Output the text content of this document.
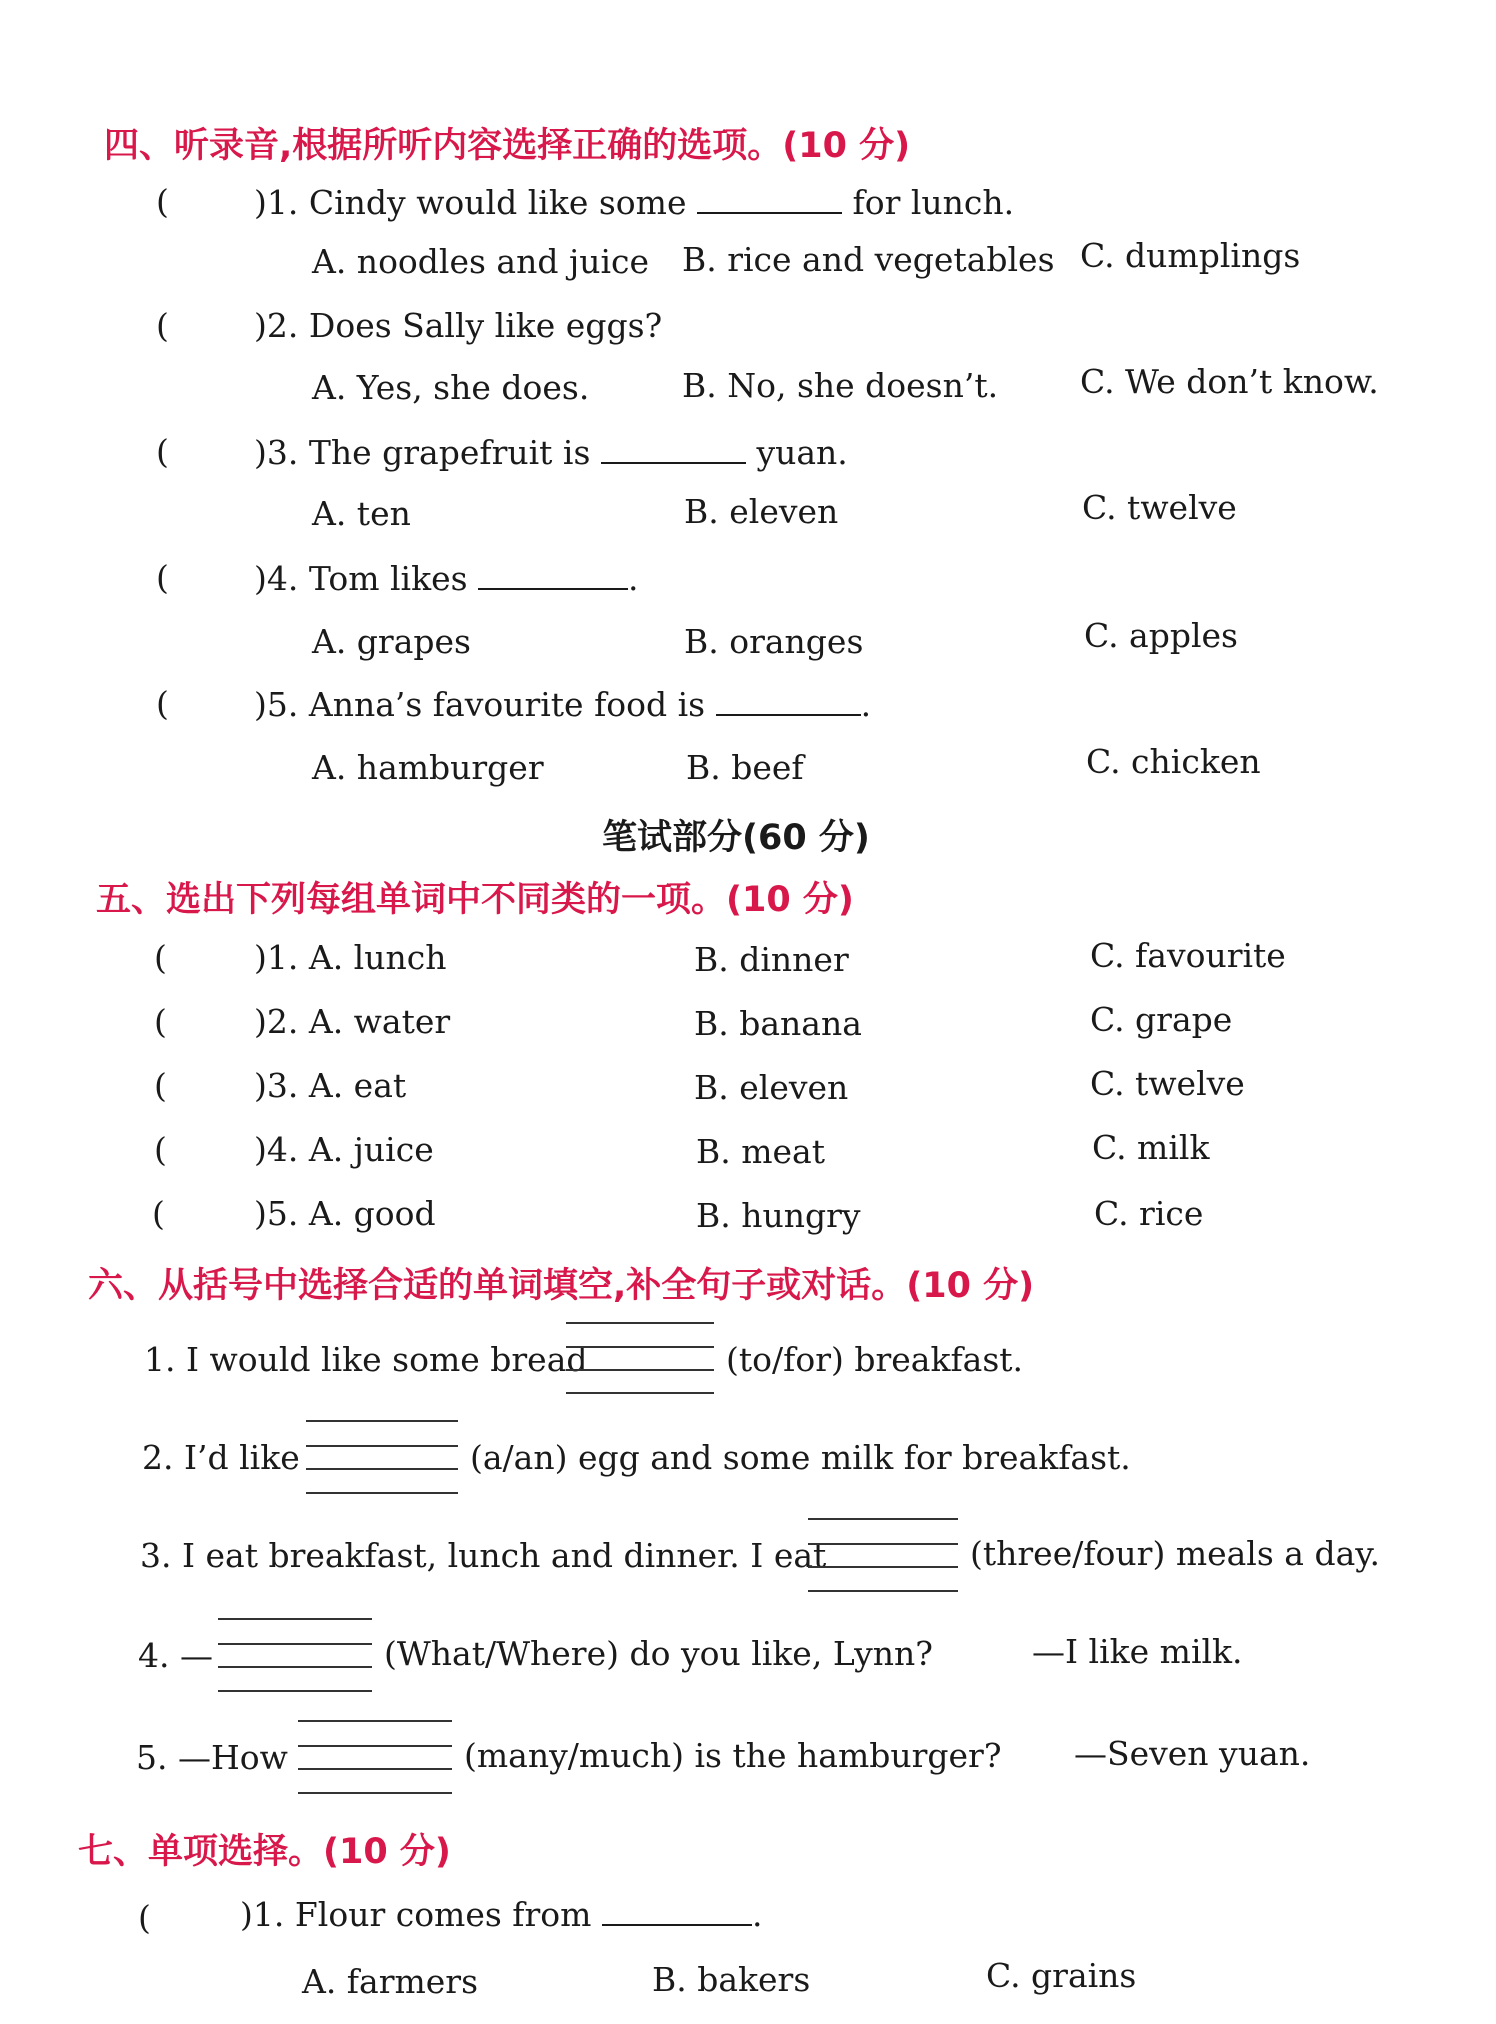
四、听录音,根据所听内容选择正确的选项。(10 分)
(	)1. Cindy would like some	for lunch.
A. noodles and juice B. rice and vegetables C. dumplings
(	)2. Does Sally like eggs?
A. Yes, she does.	B. No, she doesn’t. C. We don’t know.
(	)3. The grapefruit is	yuan.
A. ten	B. eleven	C. twelve
(	)4. Tom likes	.
A. grapes	B. oranges	C. apples
(	)5. Anna’s favourite food is	.
A. hamburger	B. beef	C. chicken
笔试部分(60 分)
五、选出下列每组单词中不同类的一项。(10 分)
(	)1. A. lunch	B. dinner	C. favourite
(	)2. A. water	B. banana	C. grape
(	)3. A. eat	B. eleven	C. twelve
(	)4. A. juice	B. meat	C. milk
(	)5. A. good	B. hungry	C. rice
六、从括号中选择合适的单词填空,补全句子或对话。(10 分)
1. I would like some bread	(to/for) breakfast.
2. I’d like	(a/an) egg and some milk for breakfast.
3. I eat breakfast, lunch and dinner. I eat	(three/four) meals a day.
4. —	(What/Where) do you like, Lynn?	—I like milk.
5. —How	(many/much) is the hamburger? —Seven yuan.
七、单项选择。(10 分)
(	)1. Flour comes from	.
A. farmers	B. bakers	C. grains
